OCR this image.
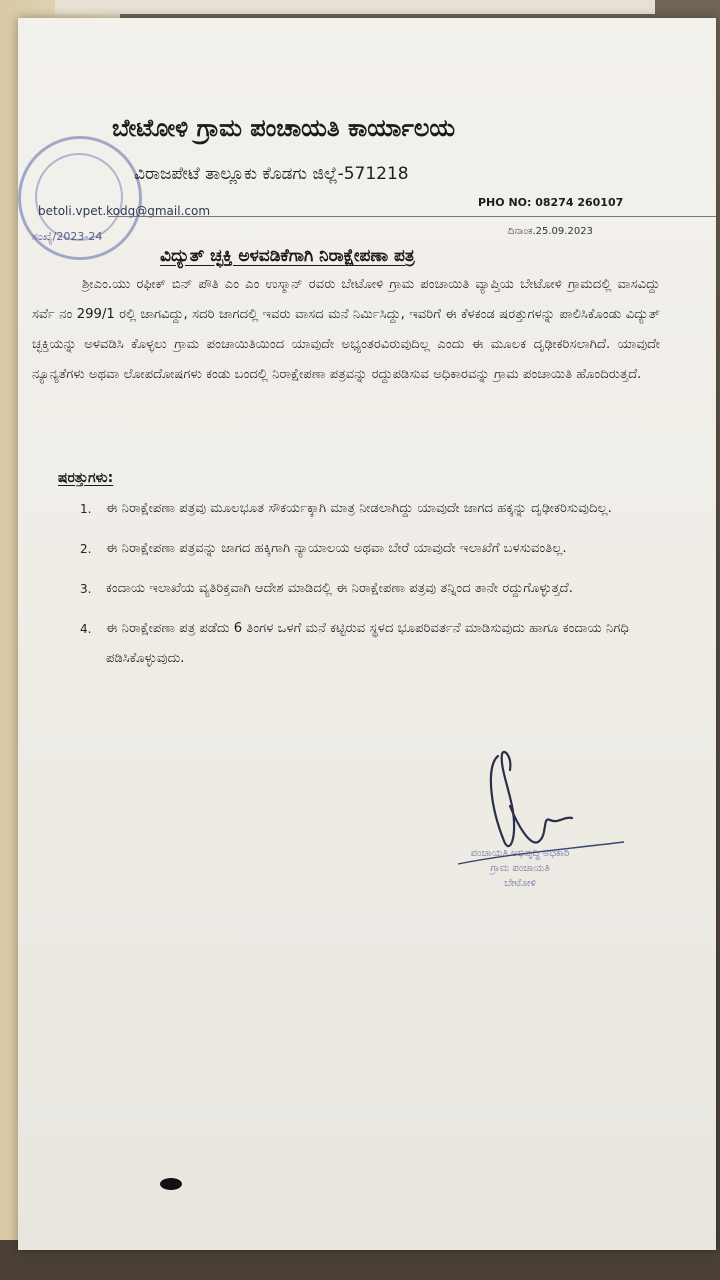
ಬೇಟೋಳಿ ಗ್ರಾಮ ಪಂಚಾಯತಿ ಕಾರ್ಯಾಲಯ
ವಿರಾಜಪೇಟೆ ತಾಲ್ಲೂಕು ಕೊಡಗು ಜಿಲ್ಲೆ-571218
betoli.vpet.kodg@gmail.com
PHO NO: 08274 260107
ಸಂಖ್ಯೆ/2023-24	ದಿನಾಂಕ.25.09.2023
ವಿದ್ಯುತ್ ಚ್ಛಕ್ತಿ ಅಳವಡಿಕೆಗಾಗಿ ನಿರಾಕ್ಷೇಪಣಾ ಪತ್ರ
ಶ್ರೀಎಂ.ಯು ರಫೀಕ್ ಬಿನ್ ಪೌತಿ ಎಂ ಎಂ ಉಸ್ಮಾನ್ ರವರು ಬೇಟೋಳಿ ಗ್ರಾಮ ಪಂಚಾಯಿತಿ ವ್ಯಾಪ್ತಿಯ ಬೇಟೋಳಿ ಗ್ರಾಮದಲ್ಲಿ ವಾಸವಿದ್ದು ಸರ್ವೆ ನಂ 299/1 ರಲ್ಲಿ ಜಾಗವಿದ್ದು, ಸದರಿ ಜಾಗದಲ್ಲಿ ಇವರು ವಾಸದ ಮನೆ ನಿರ್ಮಿಸಿದ್ದು, ಇವರಿಗೆ ಈ ಕೆಳಕಂಡ ಷರತ್ತುಗಳನ್ನು ಪಾಲಿಸಿಕೊಂಡು ವಿದ್ಯುತ್ ಚ್ಛಕ್ತಿಯನ್ನು ಅಳವಡಿಸಿ ಕೊಳ್ಳಲು ಗ್ರಾಮ ಪಂಚಾಯಿತಿಯಿಂದ ಯಾವುದೇ ಅಭ್ಯಂತರವಿರುವುದಿಲ್ಲ ಎಂದು ಈ ಮೂಲಕ ದೃಢೀಕರಿಸಲಾಗಿದೆ. ಯಾವುದೇ ನ್ಯೂನ್ಯತೆಗಳು ಅಥವಾ ಲೋಪದೋಷಗಳು ಕಂಡು ಬಂದಲ್ಲಿ ನಿರಾಕ್ಷೇಪಣಾ ಪತ್ರವನ್ನು ರದ್ದುಪಡಿಸುವ ಅಧಿಕಾರವನ್ನು ಗ್ರಾಮ ಪಂಚಾಯಿತಿ ಹೊಂದಿರುತ್ತದೆ.
ಷರತ್ತುಗಳು:
1. ಈ ನಿರಾಕ್ಷೇಪಣಾ ಪತ್ರವು ಮೂಲಭೂತ ಸೌಕರ್ಯಕ್ಕಾಗಿ ಮಾತ್ರ ನೀಡಲಾಗಿದ್ದು ಯಾವುದೇ ಜಾಗದ ಹಕ್ಕನ್ನು ದೃಢೀಕರಿಸುವುದಿಲ್ಲ.
2. ಈ ನಿರಾಕ್ಷೇಪಣಾ ಪತ್ರವನ್ನು ಜಾಗದ ಹಕ್ಕಿಗಾಗಿ ನ್ಯಾಯಾಲಯ ಅಥವಾ ಬೇರೆ ಯಾವುದೇ ಇಲಾಖೆಗೆ ಬಳಸುವಂತಿಲ್ಲ.
3. ಕಂದಾಯ ಇಲಾಖೆಯ ವ್ಯತಿರಿಕ್ತವಾಗಿ ಆದೇಶ ಮಾಡಿದಲ್ಲಿ ಈ ನಿರಾಕ್ಷೇಪಣಾ ಪತ್ರವು ತನ್ನಿಂದ ತಾನೇ ರದ್ದುಗೊಳ್ಳುತ್ತದೆ.
4. ಈ ನಿರಾಕ್ಷೇಪಣಾ ಪತ್ರ ಪಡೆದು 6 ತಿಂಗಳ ಒಳಗೆ ಮನೆ ಕಟ್ಟಿರುವ ಸ್ಥಳದ ಭೂಪರಿವರ್ತನೆ ಮಾಡಿಸುವುದು ಹಾಗೂ ಕಂದಾಯ ನಿಗಧಿ ಪಡಿಸಿಕೊಳ್ಳುವುದು.
ಪಂಚಾಯತಿ ಅಭಿವೃದ್ಧಿ ಅಧಿಕಾರಿ
ಗ್ರಾಮ ಪಂಚಾಯತಿ
ಬೇಟೋಳಿ
